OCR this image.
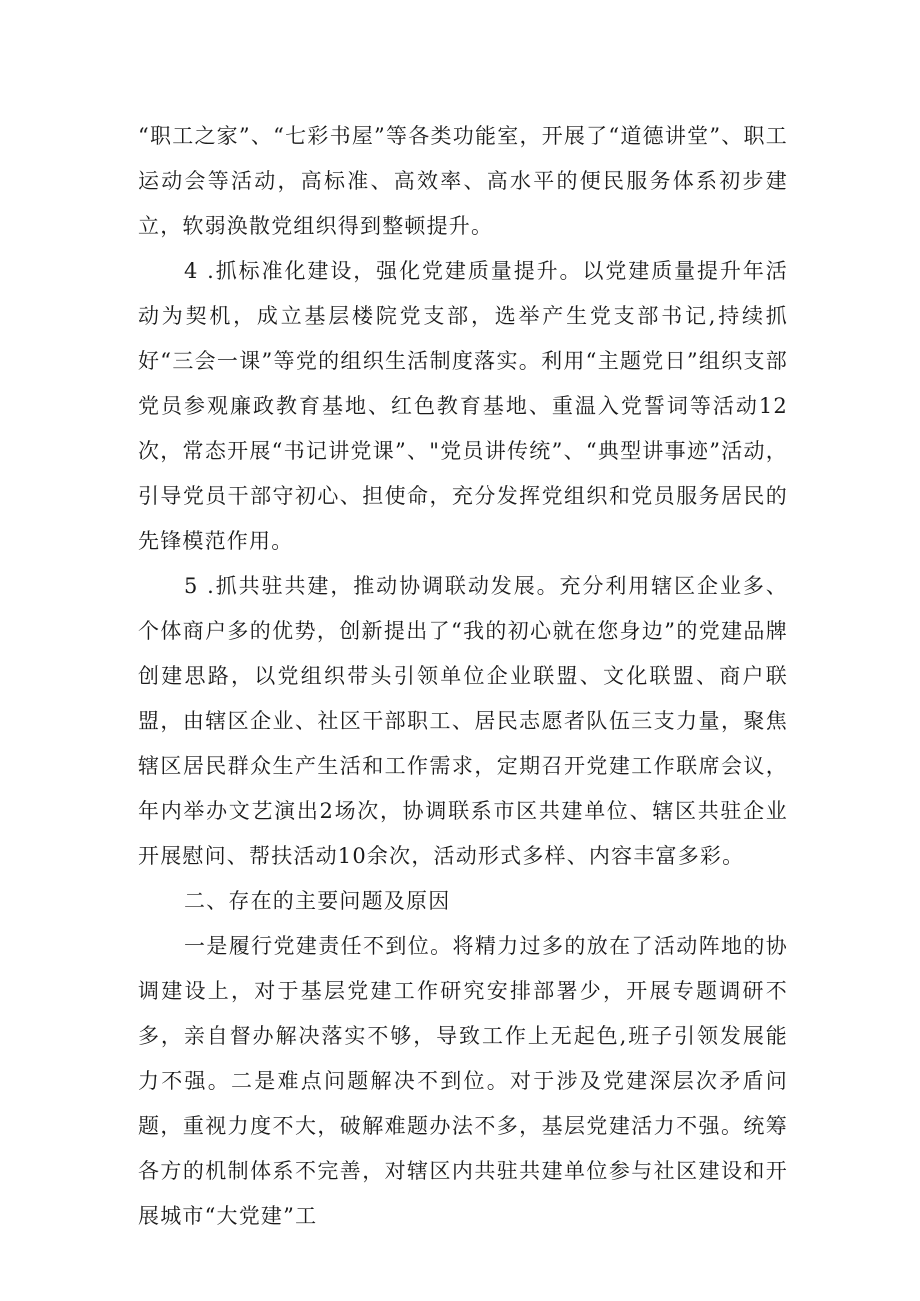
“职工之家”、“七彩书屋”等各类功能室，开展了“道德讲堂”、职工运动会等活动，高标准、高效率、高水平的便民服务体系初步建立，软弱涣散党组织得到整顿提升。

4 .抓标准化建设，强化党建质量提升。以党建质量提升年活动为契机，成立基层楼院党支部，选举产生党支部书记,持续抓好“三会一课”等党的组织生活制度落实。利用“主题党日”组织支部党员参观廉政教育基地、红色教育基地、重温入党誓词等活动12次，常态开展“书记讲党课”、"党员讲传统”、“典型讲事迹”活动，引导党员干部守初心、担使命，充分发挥党组织和党员服务居民的先锋模范作用。

5 .抓共驻共建，推动协调联动发展。充分利用辖区企业多、个体商户多的优势，创新提出了“我的初心就在您身边”的党建品牌创建思路，以党组织带头引领单位企业联盟、文化联盟、商户联盟，由辖区企业、社区干部职工、居民志愿者队伍三支力量，聚焦辖区居民群众生产生活和工作需求，定期召开党建工作联席会议，年内举办文艺演出2场次，协调联系市区共建单位、辖区共驻企业开展慰问、帮扶活动10余次，活动形式多样、内容丰富多彩。

二、存在的主要问题及原因

一是履行党建责任不到位。将精力过多的放在了活动阵地的协调建设上，对于基层党建工作研究安排部署少，开展专题调研不多，亲自督办解决落实不够，导致工作上无起色,班子引领发展能力不强。二是难点问题解决不到位。对于涉及党建深层次矛盾问题，重视力度不大，破解难题办法不多，基层党建活力不强。统筹各方的机制体系不完善，对辖区内共驻共建单位参与社区建设和开展城市“大党建”工
